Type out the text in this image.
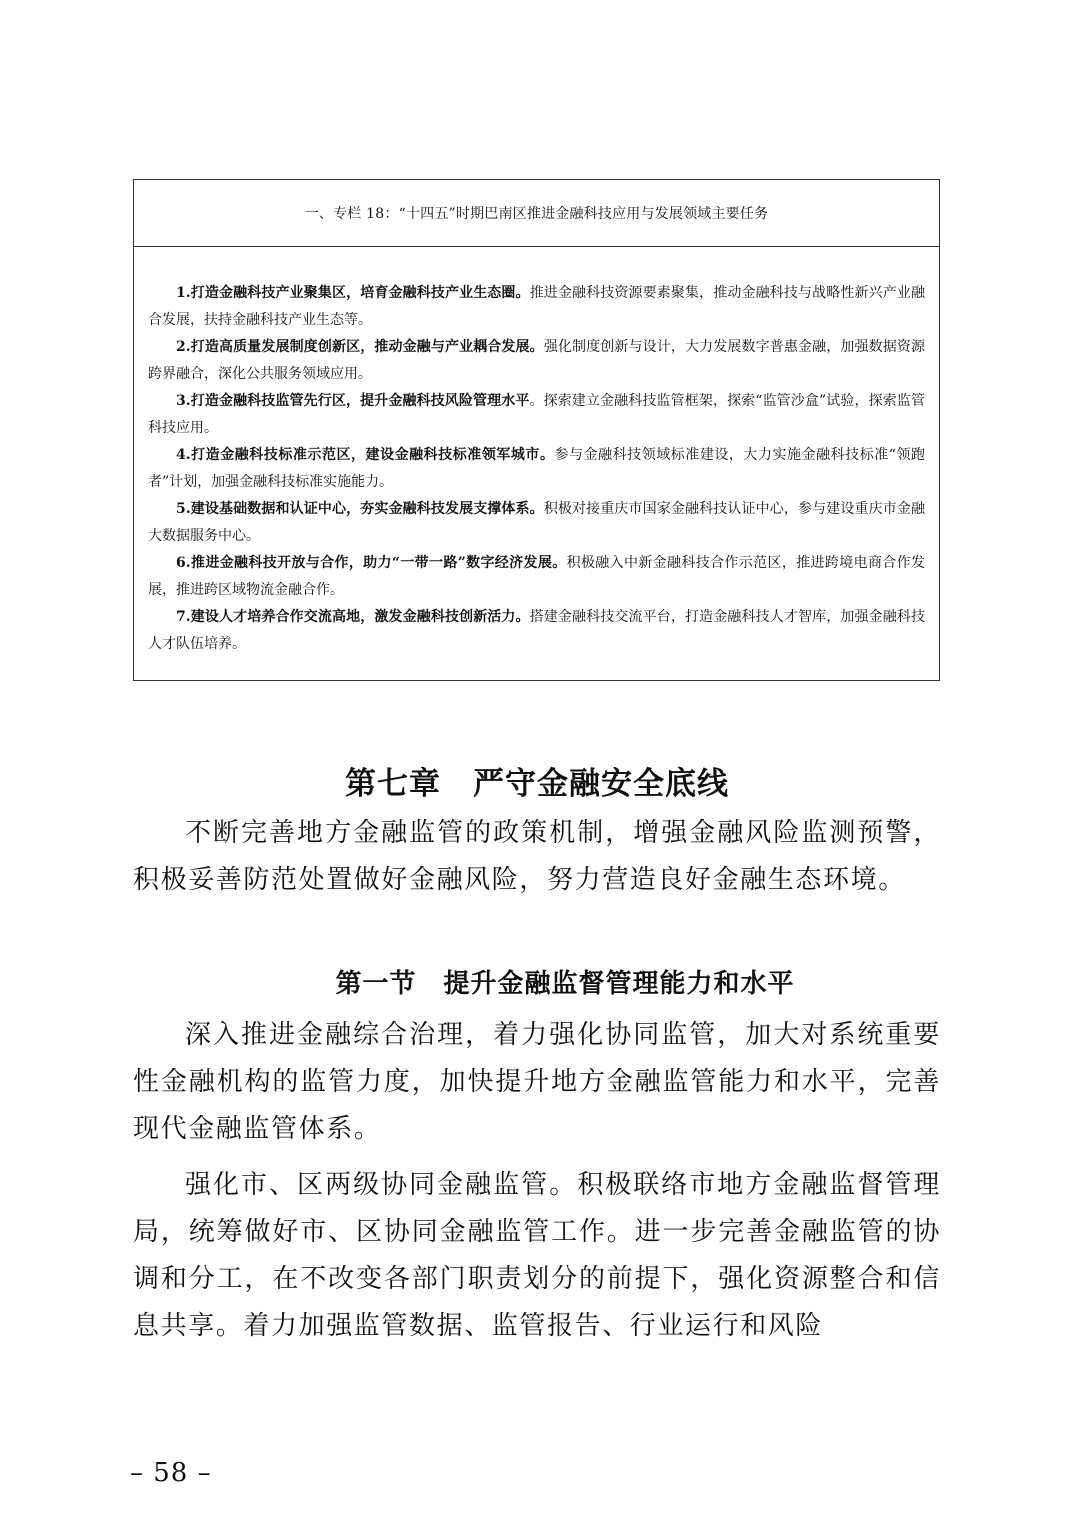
一、专栏 18：“十四五”时期巴南区推进金融科技应用与发展领域主要任务

1.打造金融科技产业聚集区，培育金融科技产业生态圈。推进金融科技资源要素聚集，推动金融科技与战略性新兴产业融合发展，扶持金融科技产业生态等。

2.打造高质量发展制度创新区，推动金融与产业耦合发展。强化制度创新与设计，大力发展数字普惠金融，加强数据资源跨界融合，深化公共服务领域应用。

3.打造金融科技监管先行区，提升金融科技风险管理水平。探索建立金融科技监管框架，探索“监管沙盒”试验，探索监管科技应用。

4.打造金融科技标准示范区，建设金融科技标准领军城市。参与金融科技领域标准建设，大力实施金融科技标准“领跑者”计划，加强金融科技标准实施能力。

5.建设基础数据和认证中心，夯实金融科技发展支撑体系。积极对接重庆市国家金融科技认证中心，参与建设重庆市金融大数据服务中心。

6.推进金融科技开放与合作，助力“一带一路”数字经济发展。积极融入中新金融科技合作示范区，推进跨境电商合作发展，推进跨区域物流金融合作。

7.建设人才培养合作交流高地，激发金融科技创新活力。搭建金融科技交流平台，打造金融科技人才智库，加强金融科技人才队伍培养。

第七章　严守金融安全底线

不断完善地方金融监管的政策机制，增强金融风险监测预警，积极妥善防范处置做好金融风险，努力营造良好金融生态环境。

第一节　提升金融监督管理能力和水平

深入推进金融综合治理，着力强化协同监管，加大对系统重要性金融机构的监管力度，加快提升地方金融监管能力和水平，完善现代金融监管体系。

强化市、区两级协同金融监管。积极联络市地方金融监督管理局，统筹做好市、区协同金融监管工作。进一步完善金融监管的协调和分工，在不改变各部门职责划分的前提下，强化资源整合和信息共享。着力加强监管数据、监管报告、行业运行和风险

– 58 –
